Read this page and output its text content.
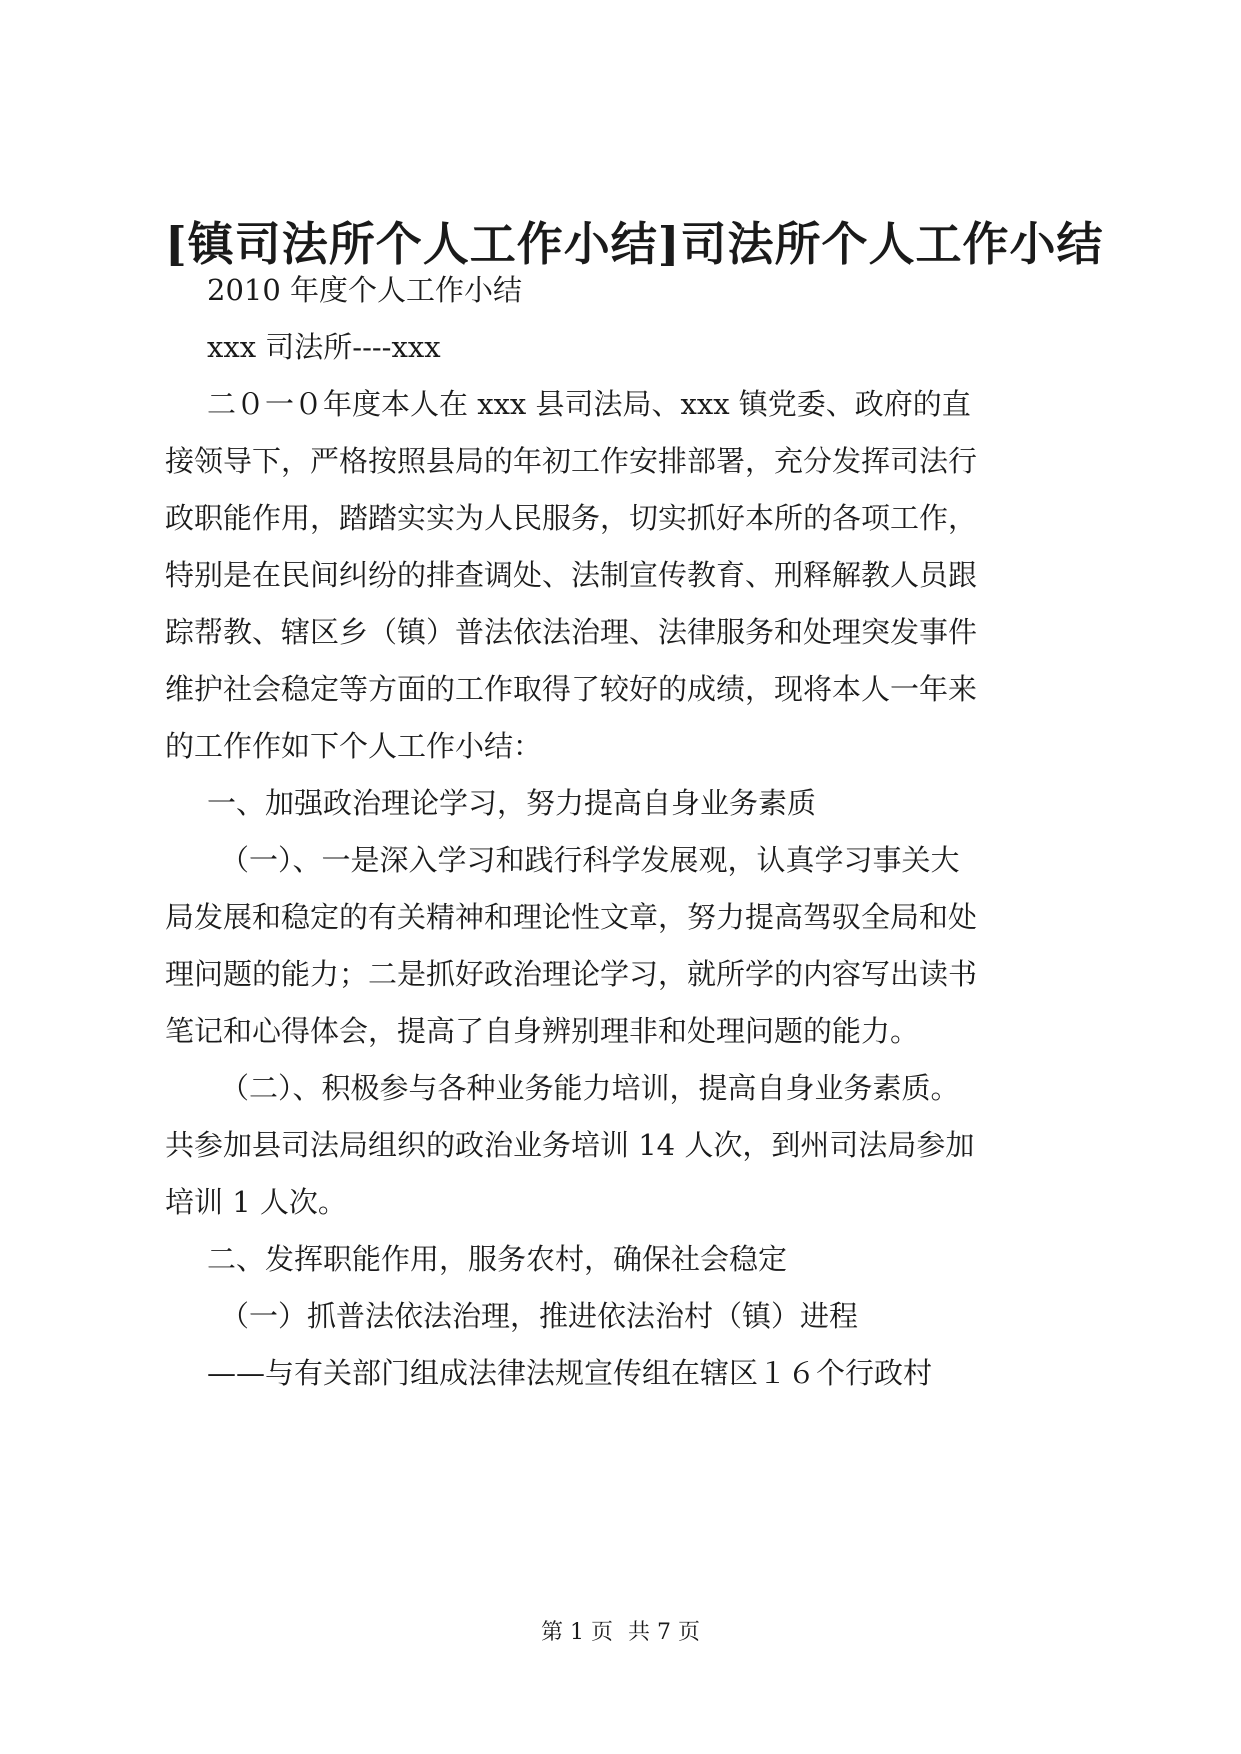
[镇司法所个人工作小结]司法所个人工作小结
2010 年度个人工作小结
xxx 司法所----xxx
二０一０年度本人在 xxx 县司法局、xxx 镇党委、政府的直
接领导下，严格按照县局的年初工作安排部署，充分发挥司法行
政职能作用，踏踏实实为人民服务，切实抓好本所的各项工作，
特别是在民间纠纷的排查调处、法制宣传教育、刑释解教人员跟
踪帮教、辖区乡（镇）普法依法治理、法律服务和处理突发事件
维护社会稳定等方面的工作取得了较好的成绩，现将本人一年来
的工作作如下个人工作小结：
一、加强政治理论学习，努力提高自身业务素质
（一）、一是深入学习和践行科学发展观，认真学习事关大
局发展和稳定的有关精神和理论性文章，努力提高驾驭全局和处
理问题的能力；二是抓好政治理论学习，就所学的内容写出读书
笔记和心得体会，提高了自身辨别理非和处理问题的能力。
（二）、积极参与各种业务能力培训，提高自身业务素质。
共参加县司法局组织的政治业务培训 14 人次，到州司法局参加
培训 1 人次。
二、发挥职能作用，服务农村，确保社会稳定
（一）抓普法依法治理，推进依法治村（镇）进程
——与有关部门组成法律法规宣传组在辖区１６个行政村
第 1 页 共 7 页
